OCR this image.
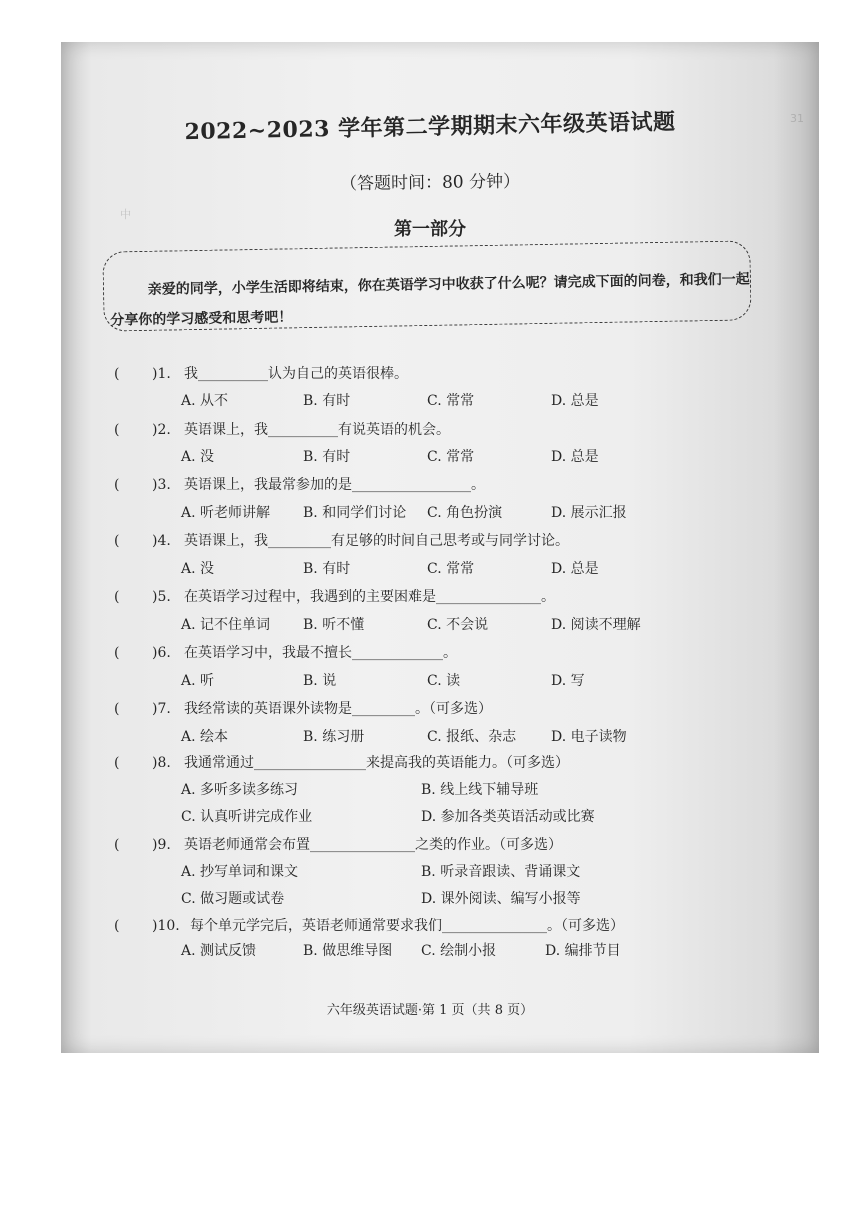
31
中
2022~2023 学年第二学期期末六年级英语试题
（答题时间：80 分钟）
第一部分
亲爱的同学，小学生活即将结束，你在英语学习中收获了什么呢？请完成下面的问卷，和我们一起分享你的学习感受和思考吧！
( )1. 我__________认为自己的英语很棒。
A. 从不	B. 有时	C. 常常	D. 总是
( )2. 英语课上，我__________有说英语的机会。
A. 没	B. 有时	C. 常常	D. 总是
( )3. 英语课上，我最常参加的是_________________。
A. 听老师讲解 B. 和同学们讨论 C. 角色扮演	D. 展示汇报
( )4. 英语课上，我_________有足够的时间自己思考或与同学讨论。
A. 没	B. 有时	C. 常常	D. 总是
( )5. 在英语学习过程中，我遇到的主要困难是_______________。
A. 记不住单词 B. 听不懂	C. 不会说	D. 阅读不理解
( )6. 在英语学习中，我最不擅长_____________。
A. 听	B. 说	C. 读	D. 写
( )7. 我经常读的英语课外读物是_________。（可多选）
A. 绘本	B. 练习册	C. 报纸、杂志 D. 电子读物
( )8. 我通常通过________________来提高我的英语能力。（可多选）
A. 多听多读多练习	B. 线上线下辅导班
C. 认真听讲完成作业	D. 参加各类英语活动或比赛
( )9. 英语老师通常会布置_______________之类的作业。（可多选）
A. 抄写单词和课文	B. 听录音跟读、背诵课文
C. 做习题或试卷	D. 课外阅读、编写小报等
( )10. 每个单元学完后，英语老师通常要求我们_______________。（可多选）
A. 测试反馈	B. 做思维导图 C. 绘制小报	D. 编排节目
六年级英语试题·第 1 页（共 8 页）
